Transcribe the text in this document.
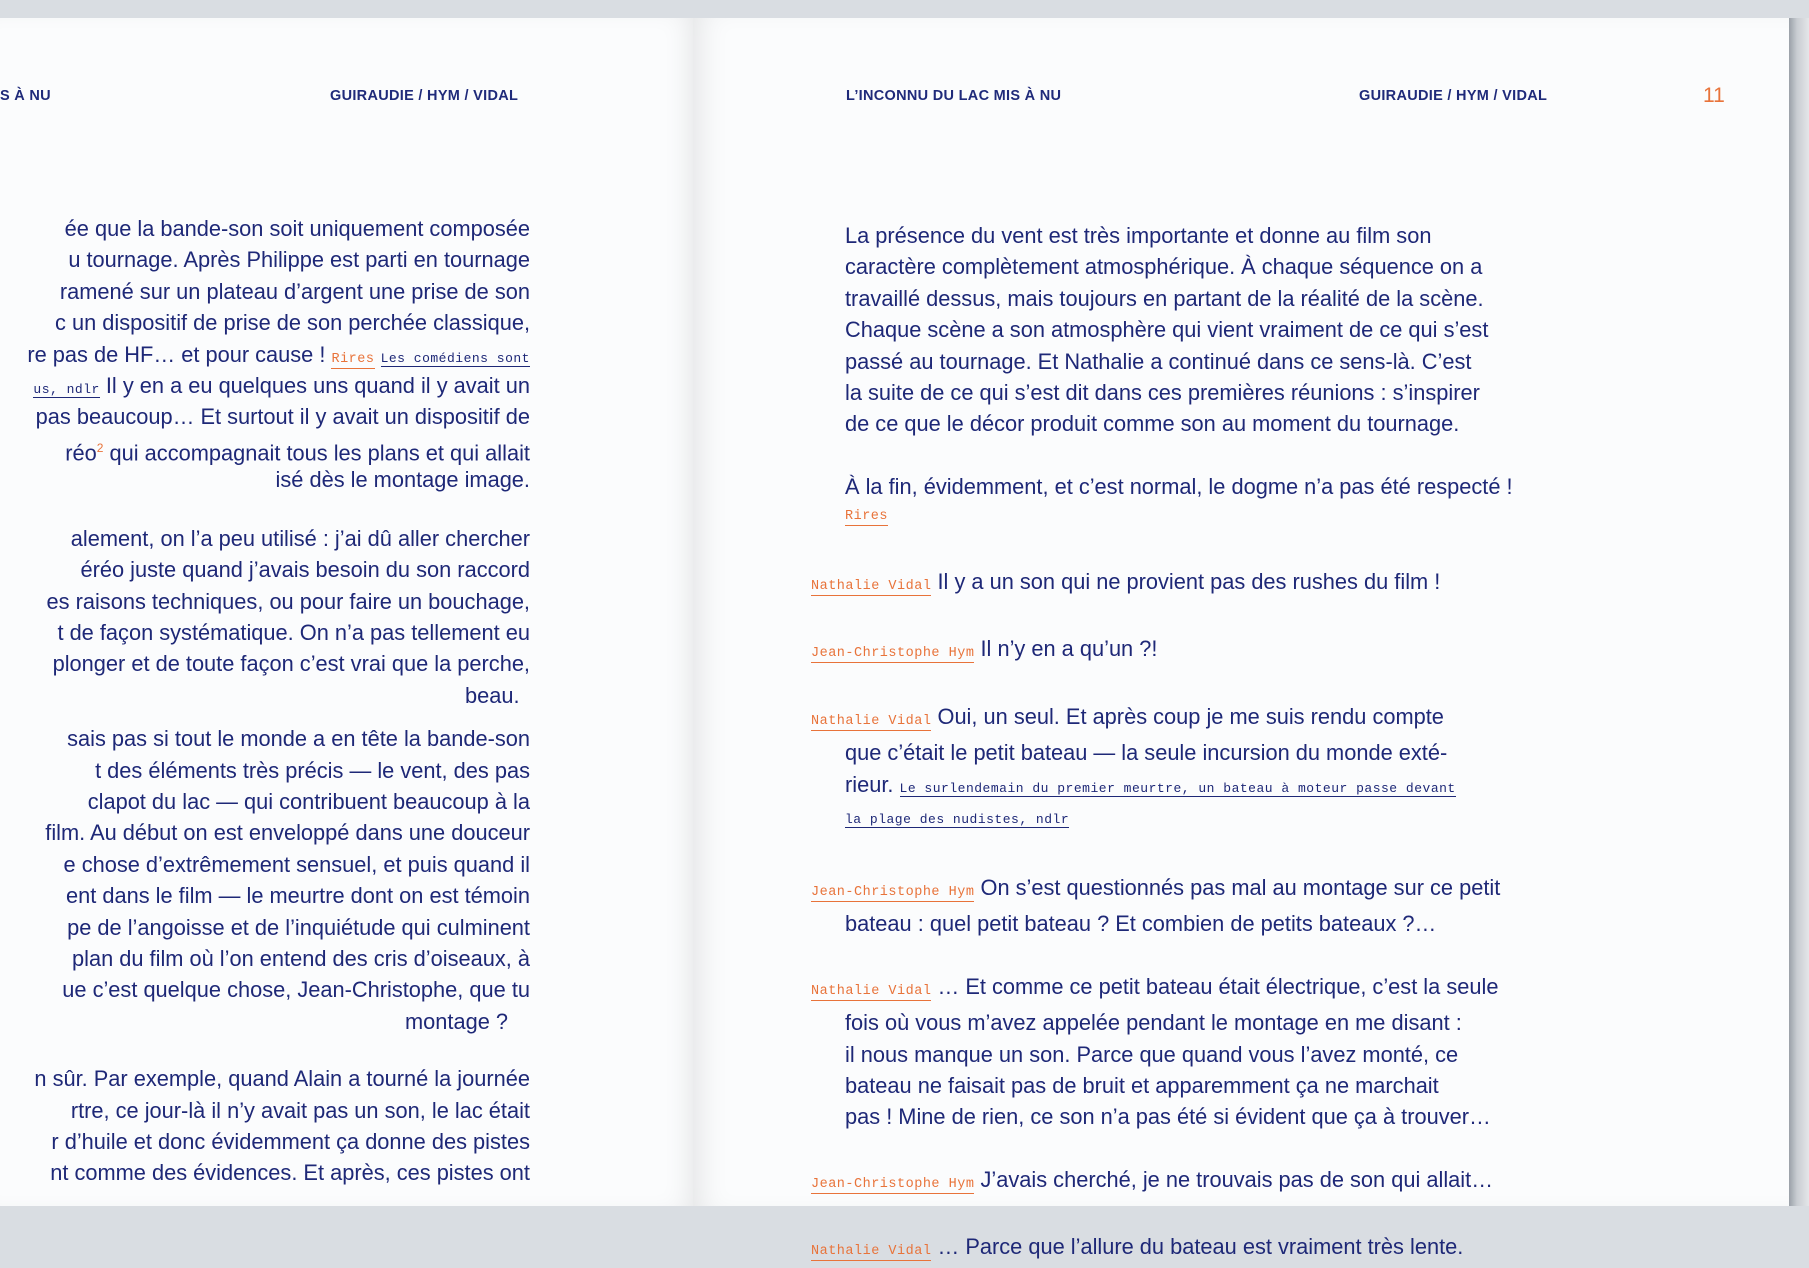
S À NU	GUIRAUDIE / HYM / VIDAL
ée que la bande-son soit uniquement composée
u tournage. Après Philippe est parti en tournage
ramené sur un plateau d’argent une prise de son
c un dispositif de prise de son perchée classique,
re pas de HF… et pour cause ! Rires Les comédiens sont
us, ndlr Il y en a eu quelques uns quand il y avait un
pas beaucoup… Et surtout il y avait un dispositif de
réo$^2$ qui accompagnait tous les plans et qui allait
isé dès le montage image.
alement, on l’a peu utilisé : j’ai dû aller chercher
éréo juste quand j’avais besoin du son raccord
es raisons techniques, ou pour faire un bouchage,
t de façon systématique. On n’a pas tellement eu
plonger et de toute façon c’est vrai que la perche,
beau.
sais pas si tout le monde a en tête la bande-son
t des éléments très précis — le vent, des pas
clapot du lac — qui contribuent beaucoup à la
film. Au début on est enveloppé dans une douceur
e chose d’extrêmement sensuel, et puis quand il
ent dans le film — le meurtre dont on est témoin
pe de l’angoisse et de l’inquiétude qui culminent
plan du film où l’on entend des cris d’oiseaux, à
ue c’est quelque chose, Jean-Christophe, que tu
montage ?
n sûr. Par exemple, quand Alain a tourné la journée
rtre, ce jour-là il n’y avait pas un son, le lac était
r d’huile et donc évidemment ça donne des pistes
nt comme des évidences. Et après, ces pistes ont
L’INCONNU DU LAC MIS À NU	GUIRAUDIE / HYM / VIDAL	11
La présence du vent est très importante et donne au film son
caractère complètement atmosphérique. À chaque séquence on a
travaillé dessus, mais toujours en partant de la réalité de la scène.
Chaque scène a son atmosphère qui vient vraiment de ce qui s’est
passé au tournage. Et Nathalie a continué dans ce sens-là. C’est
la suite de ce qui s’est dit dans ces premières réunions : s’inspirer
de ce que le décor produit comme son au moment du tournage.
À la fin, évidemment, et c’est normal, le dogme n’a pas été respecté !
Rires
Nathalie Vidal Il y a un son qui ne provient pas des rushes du film !
Jean-Christophe Hym Il n’y en a qu’un ?!
Nathalie Vidal Oui, un seul. Et après coup je me suis rendu compte
que c’était le petit bateau — la seule incursion du monde exté-
rieur. Le surlendemain du premier meurtre, un bateau à moteur passe devant
la plage des nudistes, ndlr
Jean-Christophe Hym On s’est questionnés pas mal au montage sur ce petit
bateau : quel petit bateau ? Et combien de petits bateaux ?…
Nathalie Vidal … Et comme ce petit bateau était électrique, c’est la seule
fois où vous m’avez appelée pendant le montage en me disant :
il nous manque un son. Parce que quand vous l’avez monté, ce
bateau ne faisait pas de bruit et apparemment ça ne marchait
pas ! Mine de rien, ce son n’a pas été si évident que ça à trouver…
Jean-Christophe Hym J’avais cherché, je ne trouvais pas de son qui allait…
Nathalie Vidal … Parce que l’allure du bateau est vraiment très lente.
